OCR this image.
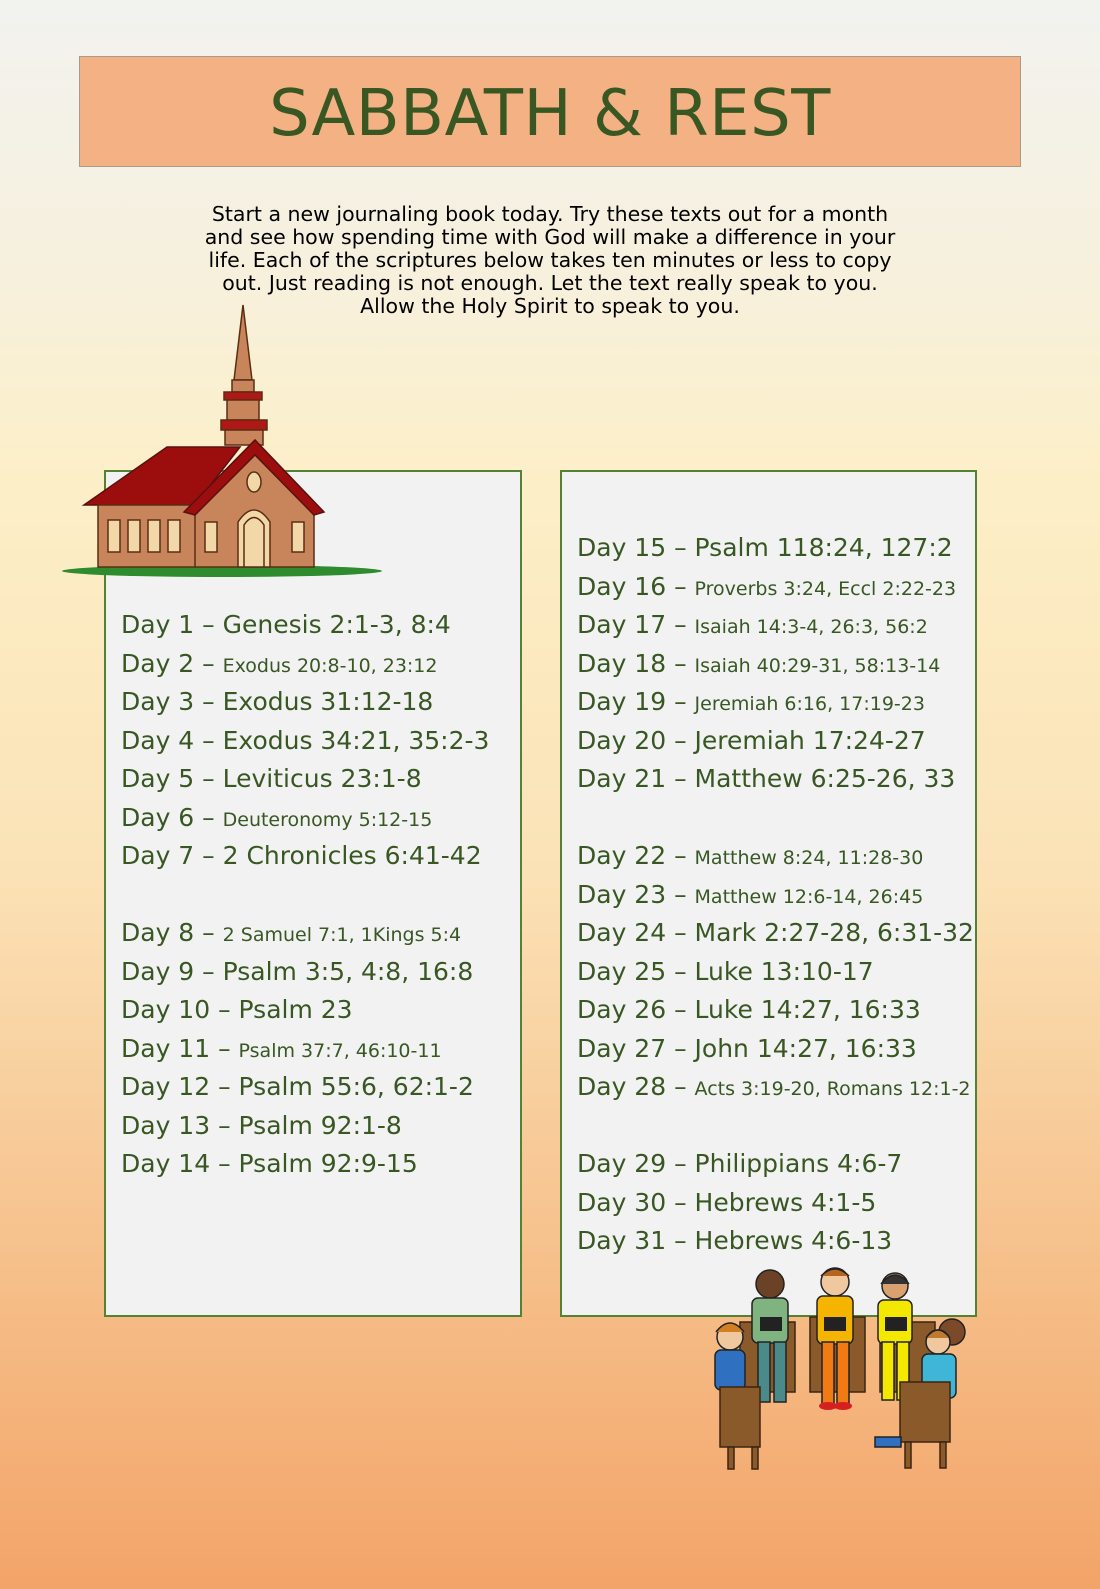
SABBATH & REST
Start a new journaling book today. Try these texts out for a month
and see how spending time with God will make a difference in your
life. Each of the scriptures below takes ten minutes or less to copy
out. Just reading is not enough. Let the text really speak to you.
Allow the Holy Spirit to speak to you.
Day 1 – Genesis 2:1-3, 8:4
Day 2 – Exodus 20:8-10, 23:12
Day 3 – Exodus 31:12-18
Day 4 – Exodus 34:21, 35:2-3
Day 5 – Leviticus 23:1-8
Day 6 – Deuteronomy 5:12-15
Day 7 – 2 Chronicles 6:41-42
Day 8 – 2 Samuel 7:1, 1Kings 5:4
Day 9 – Psalm 3:5, 4:8, 16:8
Day 10 – Psalm 23
Day 11 – Psalm 37:7, 46:10-11
Day 12 – Psalm 55:6, 62:1-2
Day 13 – Psalm 92:1-8
Day 14 – Psalm 92:9-15
Day 15 – Psalm 118:24, 127:2
Day 16 – Proverbs 3:24, Eccl 2:22-23
Day 17 – Isaiah 14:3-4, 26:3, 56:2
Day 18 – Isaiah 40:29-31, 58:13-14
Day 19 – Jeremiah 6:16, 17:19-23
Day 20 – Jeremiah 17:24-27
Day 21 – Matthew 6:25-26, 33
Day 22 – Matthew 8:24, 11:28-30
Day 23 – Matthew 12:6-14, 26:45
Day 24 – Mark 2:27-28, 6:31-32
Day 25 – Luke 13:10-17
Day 26 – Luke 14:27, 16:33
Day 27 – John 14:27, 16:33
Day 28 – Acts 3:19-20, Romans 12:1-2
Day 29 – Philippians 4:6-7
Day 30 – Hebrews 4:1-5
Day 31 – Hebrews 4:6-13
